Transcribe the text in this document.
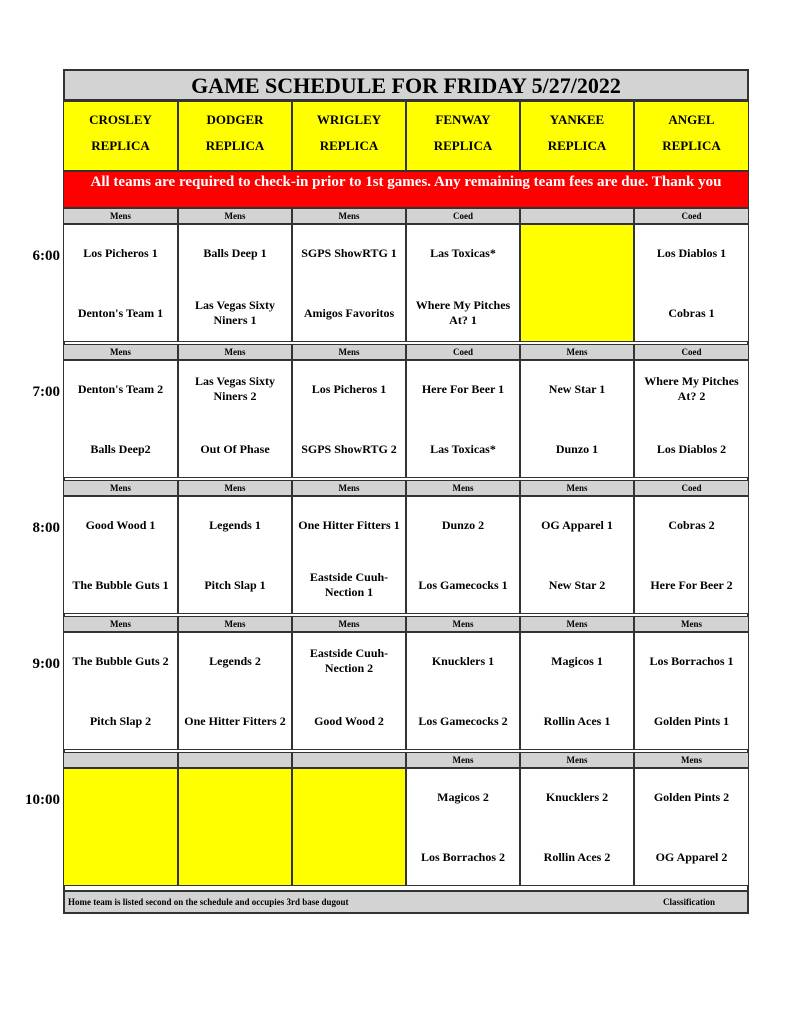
GAME SCHEDULE FOR FRIDAY 5/27/2022
CROSLEY
REPLICA
DODGER
REPLICA
WRIGLEY
REPLICA
FENWAY
REPLICA
YANKEE
REPLICA
ANGEL
REPLICA
All teams are required to check-in prior to 1st games. Any remaining team fees are due. Thank you
6:00
Mens
Los Picheros 1
Denton's Team 1
Mens
Balls Deep 1
Las Vegas Sixty Niners 1
Mens
SGPS ShowRTG 1
Amigos Favoritos
Coed
Las Toxicas*
Where My Pitches At? 1
Coed
Los Diablos 1
Cobras 1
7:00
Mens
Denton's Team 2
Balls Deep2
Mens
Las Vegas Sixty Niners 2
Out Of Phase
Mens
Los Picheros 1
SGPS ShowRTG 2
Coed
Here For Beer 1
Las Toxicas*
Mens
New Star 1
Dunzo 1
Coed
Where My Pitches At? 2
Los Diablos 2
8:00
Mens
Good Wood 1
The Bubble Guts 1
Mens
Legends 1
Pitch Slap 1
Mens
One Hitter Fitters 1
Eastside Cuuh-Nection 1
Mens
Dunzo 2
Los Gamecocks 1
Mens
OG Apparel 1
New Star 2
Coed
Cobras 2
Here For Beer 2
9:00
Mens
The Bubble Guts 2
Pitch Slap 2
Mens
Legends 2
One Hitter Fitters 2
Mens
Eastside Cuuh-Nection 2
Good Wood 2
Mens
Knucklers 1
Los Gamecocks 2
Mens
Magicos 1
Rollin Aces 1
Mens
Los Borrachos 1
Golden Pints 1
10:00
Mens
Magicos 2
Los Borrachos 2
Mens
Knucklers 2
Rollin Aces 2
Mens
Golden Pints 2
OG Apparel 2
Home team is listed second on the schedule and occupies 3rd base dugout	Classification
